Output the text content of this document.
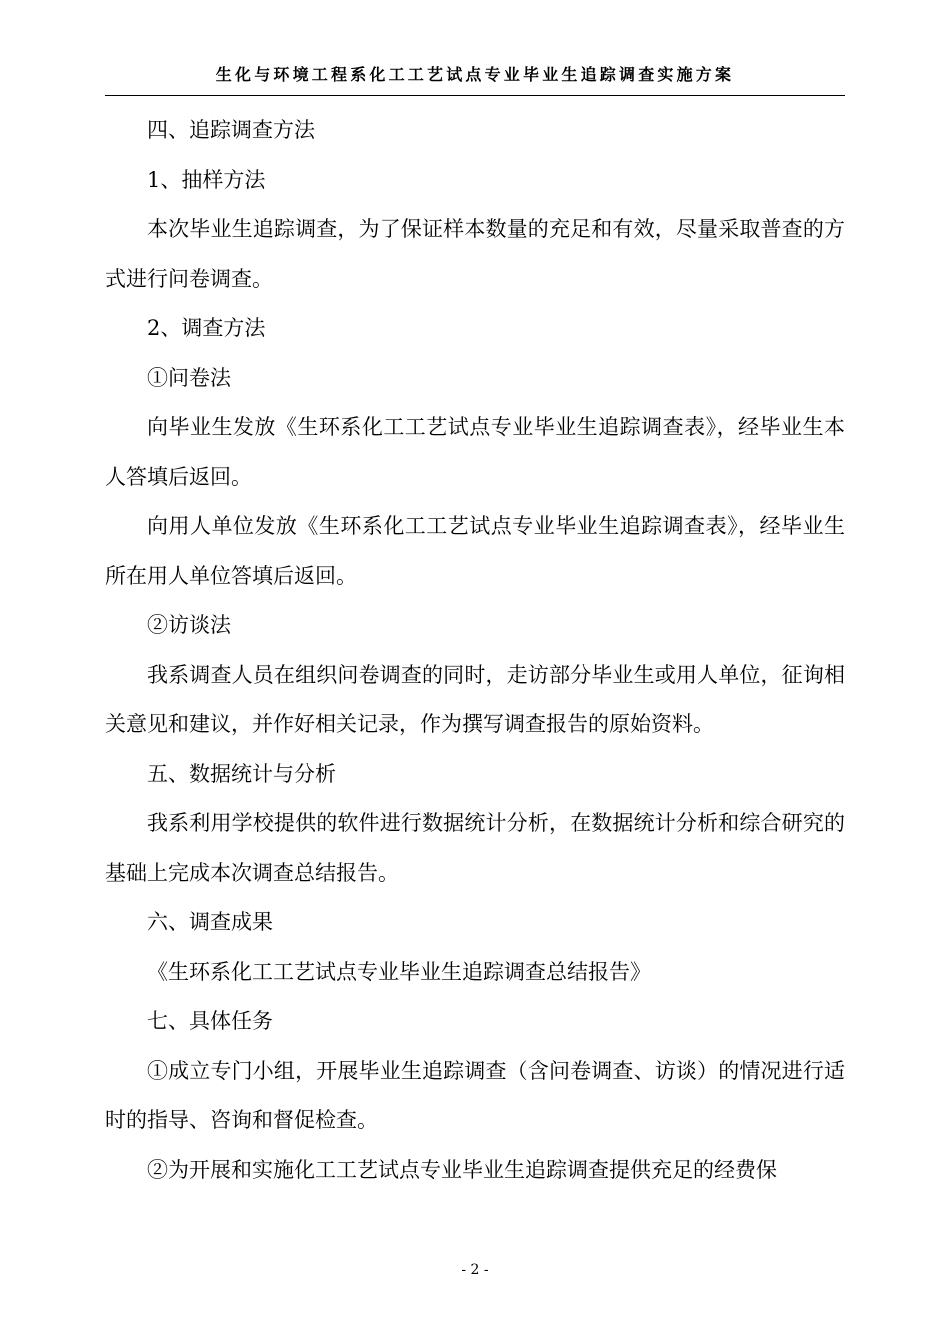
生化与环境工程系化工工艺试点专业毕业生追踪调查实施方案

四、追踪调查方法

1、抽样方法

本次毕业生追踪调查，为了保证样本数量的充足和有效，尽量采取普查的方式进行问卷调查。

2、调查方法

①问卷法

向毕业生发放《生环系化工工艺试点专业毕业生追踪调查表》，经毕业生本人答填后返回。

向用人单位发放《生环系化工工艺试点专业毕业生追踪调查表》，经毕业生所在用人单位答填后返回。

②访谈法

我系调查人员在组织问卷调查的同时，走访部分毕业生或用人单位，征询相关意见和建议，并作好相关记录，作为撰写调查报告的原始资料。

五、数据统计与分析

我系利用学校提供的软件进行数据统计分析，在数据统计分析和综合研究的基础上完成本次调查总结报告。

六、调查成果

《生环系化工工艺试点专业毕业生追踪调查总结报告》

七、具体任务

①成立专门小组，开展毕业生追踪调查（含问卷调查、访谈）的情况进行适时的指导、咨询和督促检查。

②为开展和实施化工工艺试点专业毕业生追踪调查提供充足的经费保

- 2 -
